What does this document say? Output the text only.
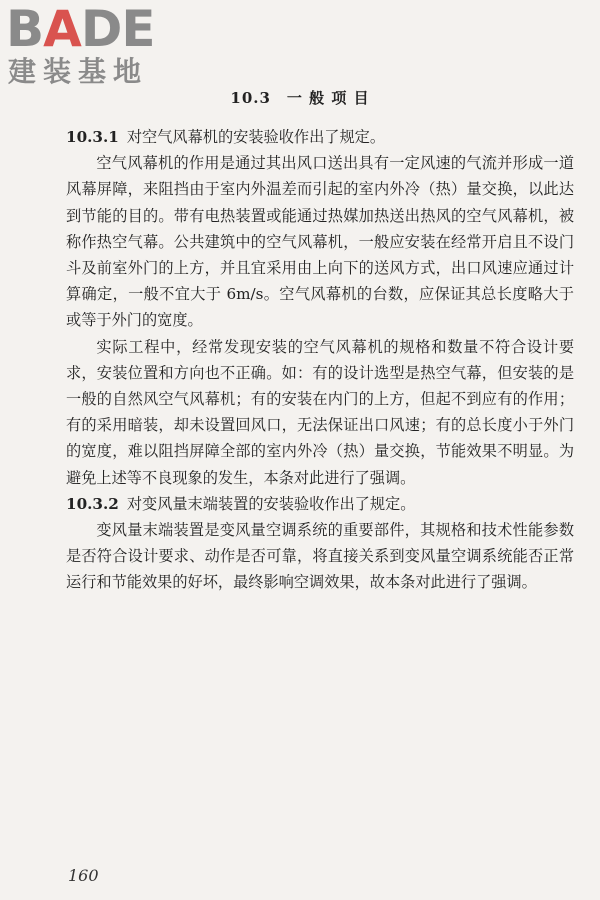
BADE
建装基地
10.3　一 般 项 目

10.3.1 对空气风幕机的安装验收作出了规定。

空气风幕机的作用是通过其出风口送出具有一定风速的气流并形成一道风幕屏障，来阻挡由于室内外温差而引起的室内外冷（热）量交换，以此达到节能的目的。带有电热装置或能通过热媒加热送出热风的空气风幕机，被称作热空气幕。公共建筑中的空气风幕机，一般应安装在经常开启且不设门斗及前室外门的上方，并且宜采用由上向下的送风方式，出口风速应通过计算确定，一般不宜大于 6m/s。空气风幕机的台数，应保证其总长度略大于或等于外门的宽度。

实际工程中，经常发现安装的空气风幕机的规格和数量不符合设计要求，安装位置和方向也不正确。如：有的设计选型是热空气幕，但安装的是一般的自然风空气风幕机；有的安装在内门的上方，但起不到应有的作用；有的采用暗装，却未设置回风口，无法保证出口风速；有的总长度小于外门的宽度，难以阻挡屏障全部的室内外冷（热）量交换，节能效果不明显。为避免上述等不良现象的发生，本条对此进行了强调。

10.3.2 对变风量末端装置的安装验收作出了规定。

变风量末端装置是变风量空调系统的重要部件，其规格和技术性能参数是否符合设计要求、动作是否可靠，将直接关系到变风量空调系统能否正常运行和节能效果的好坏，最终影响空调效果，故本条对此进行了强调。

160
